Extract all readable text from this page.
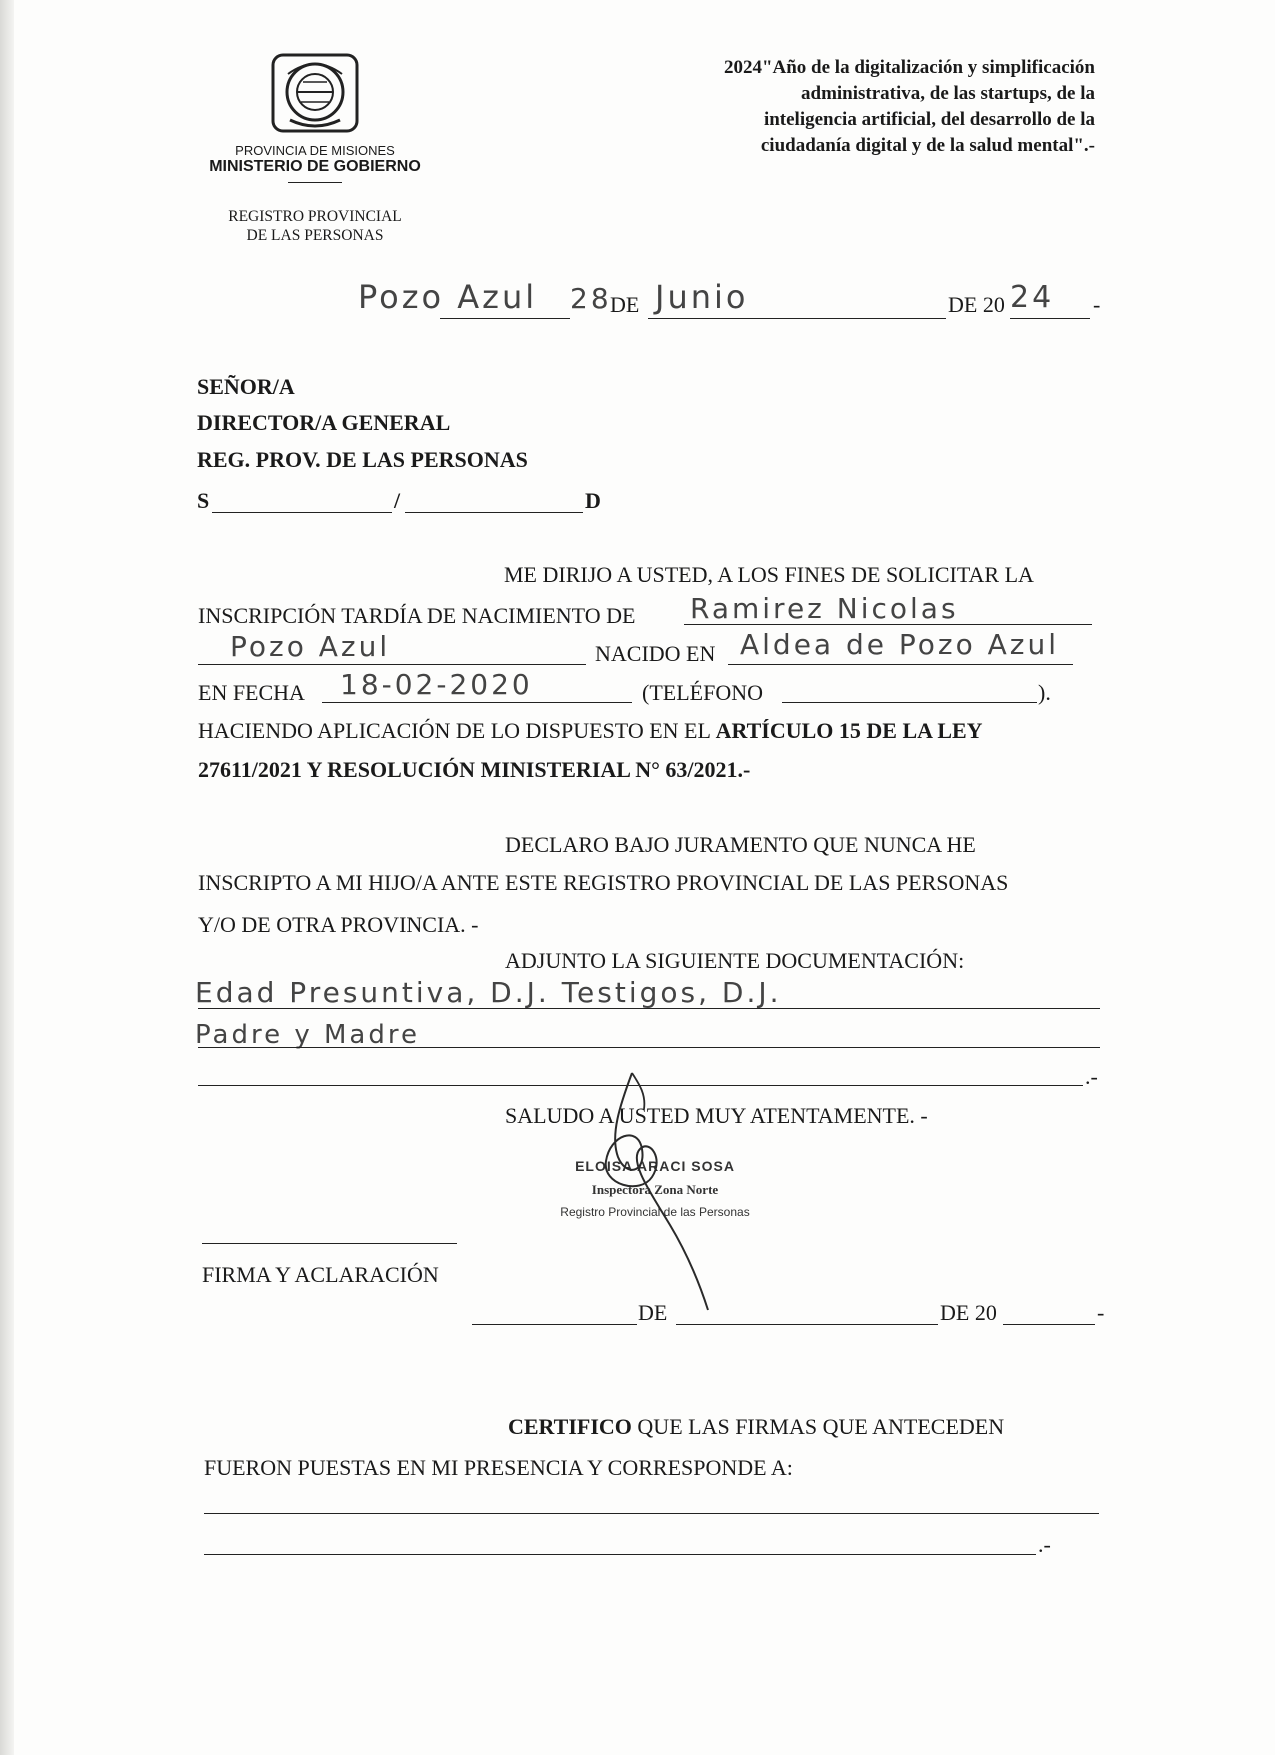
PROVINCIA DE MISIONES
MINISTERIO DE GOBIERNO
REGISTRO PROVINCIAL
DE LAS PERSONAS
2024"Año de la digitalización y simplificación
administrativa, de las startups, de la
inteligencia artificial, del desarrollo de la
ciudadanía digital y de la salud mental".-
Pozo Azul 28
DE Junio	DE 20 24 -
SEÑOR/A
DIRECTOR/A GENERAL
REG. PROV. DE LAS PERSONAS
S	/	D
ME DIRIJO A USTED, A LOS FINES DE SOLICITAR LA
INSCRIPCIÓN TARDÍA DE NACIMIENTO DE Ramirez Nicolas
Pozo Azul	NACIDO EN Aldea de Pozo Azul
EN FECHA 18-02-2020	(TELÉFONO	).
HACIENDO APLICACIÓN DE LO DISPUESTO EN EL ARTÍCULO 15 DE LA LEY
27611/2021 Y RESOLUCIÓN MINISTERIAL N° 63/2021.-
DECLARO BAJO JURAMENTO QUE NUNCA HE
INSCRIPTO A MI HIJO/A ANTE ESTE REGISTRO PROVINCIAL DE LAS PERSONAS
Y/O DE OTRA PROVINCIA. -
ADJUNTO LA SIGUIENTE DOCUMENTACIÓN:
Edad Presuntiva, D.J. Testigos, D.J.
Padre y Madre
.-
SALUDO A USTED MUY ATENTAMENTE. -
ELOISA ARACI SOSA
Inspectora Zona Norte
Registro Provincial de las Personas
FIRMA Y ACLARACIÓN
DE	DE 20	-
CERTIFICO QUE LAS FIRMAS QUE ANTECEDEN
FUERON PUESTAS EN MI PRESENCIA Y CORRESPONDE A:
.-
